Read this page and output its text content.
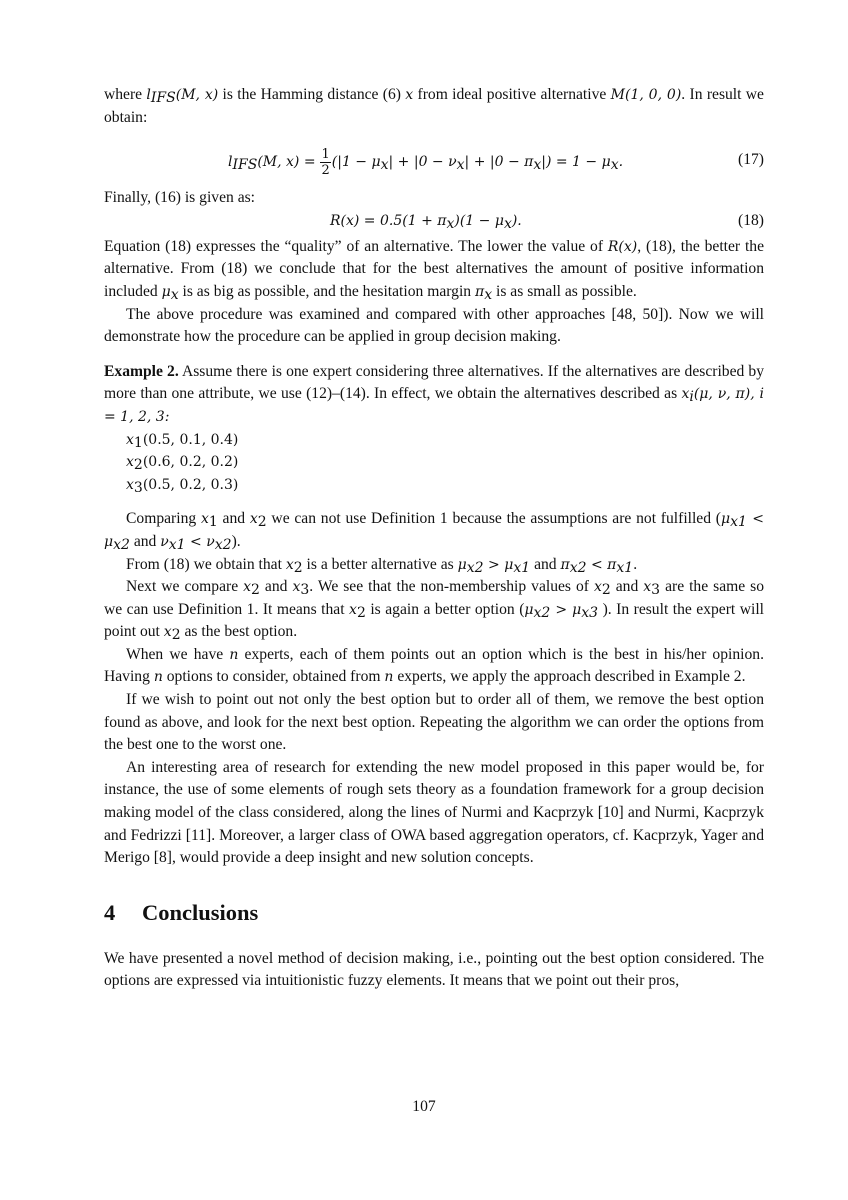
where $l_{IFS}(M$, x) is the Hamming distance (6) x from ideal positive alternative M(1, 0, 0). In result we obtain:

$l_{IFS}(M$, $x) = \frac{1}{2} (|1 - \mu_x| + |0 - \nu_x| + |0 - \pi_x|) = 1 - \mu_x$.	(17)

Finally, (16) is given as:

$R(x) = 0.5(1 + \pi_x)(1 - \mu_x)$.	(18)

Equation (18) expresses the “quality” of an alternative. The lower the value of R(x), (18), the better the alternative. From (18) we conclude that for the best alternatives the amount of positive information included $\mu_x$ is as big as possible, and the hesitation margin $\pi_x$ is as small as possible.

The above procedure was examined and compared with other approaches [48, 50]). Now we will demonstrate how the procedure can be applied in group decision making.

Example 2. Assume there is one expert considering three alternatives. If the alternatives are described by more than one attribute, we use (12)–(14). In effect, we obtain the alternatives described as $x_i(\mu$, ν, π), i = 1, 2, 3:

$x_1(0.5$, 0.1, 0.4)
$x_2(0.6$, 0.2, 0.2)
$x_3(0.5$, 0.2, 0.3)

Comparing $x_1$ and $x_2$ we can not use Definition 1 because the assumptions are not fulfilled ($\mu_{x1} < \mu_{x2}$ and $\nu_{x1} < \nu_{x2}$).

From (18) we obtain that $x_2$ is a better alternative as $\mu_{x2} > \mu_{x1}$ and $\pi_{x2} < \pi_{x1}$.

Next we compare $x_2$ and $x_3$. We see that the non-membership values of $x_2$ and $x_3$ are the same so we can use Definition 1. It means that $x_2$ is again a better option ($\mu_{x2} > \mu_{x3}$ ). In result the expert will point out $x_2$ as the best option.

When we have n experts, each of them points out an option which is the best in his/her opinion. Having n options to consider, obtained from n experts, we apply the approach described in Example 2.

If we wish to point out not only the best option but to order all of them, we remove the best option found as above, and look for the next best option. Repeating the algorithm we can order the options from the best one to the worst one.

An interesting area of research for extending the new model proposed in this paper would be, for instance, the use of some elements of rough sets theory as a foundation framework for a group decision making model of the class considered, along the lines of Nurmi and Kacprzyk [10] and Nurmi, Kacprzyk and Fedrizzi [11]. Moreover, a larger class of OWA based aggregation operators, cf. Kacprzyk, Yager and Merigo [8], would provide a deep insight and new solution concepts.

4 Conclusions

We have presented a novel method of decision making, i.e., pointing out the best option considered. The options are expressed via intuitionistic fuzzy elements. It means that we point out their pros,

107
